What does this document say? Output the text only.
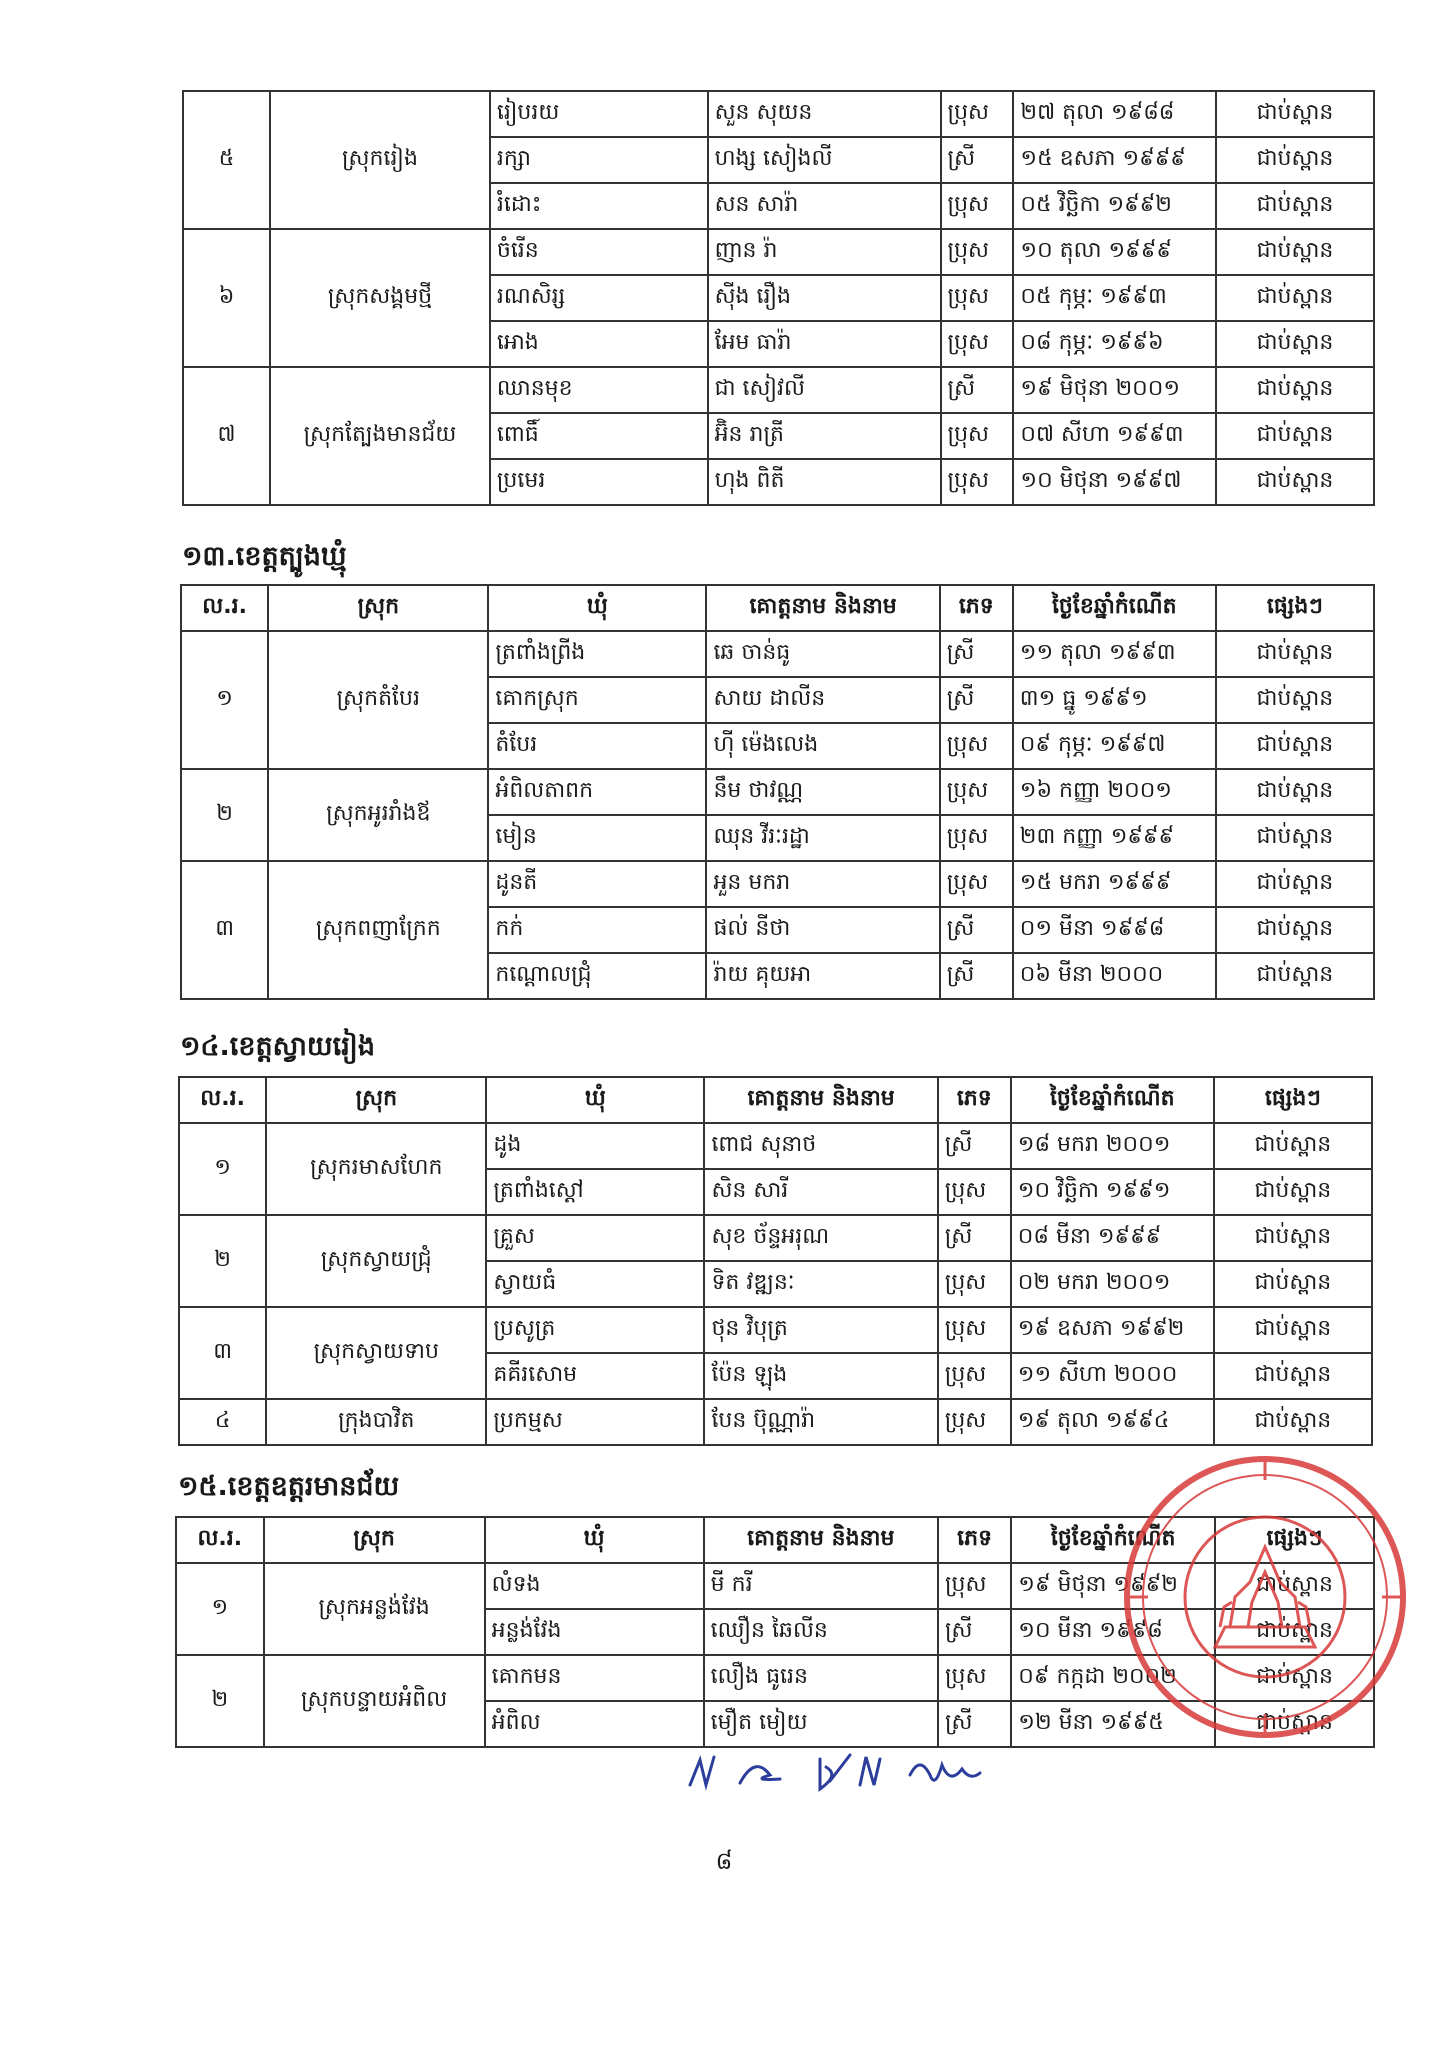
៥	ស្រុករៀង	រៀបរយ	សួន សុយន	ប្រុស	២៧ តុលា ១៩៨៨	ជាប់ស្ពាន
		រក្សា	ហង្ស សៀងលី	ស្រី	១៥ ឧសភា ១៩៩៩	ជាប់ស្ពាន
		រំដោះ	សន សារ៉ា	ប្រុស	០៥ វិច្ឆិកា ១៩៩២	ជាប់ស្ពាន
៦	ស្រុកសង្គមថ្មី	ចំរើន	ញាន រ៉ា	ប្រុស	១០ តុលា ១៩៩៩	ជាប់ស្ពាន
		រណសិរ្ស	ស៊ីង រឿង	ប្រុស	០៥ កុម្ភៈ ១៩៩៣	ជាប់ស្ពាន
		អោង	អែម ធារ៉ា	ប្រុស	០៨ កុម្ភៈ ១៩៩៦	ជាប់ស្ពាន
៧	ស្រុកត្បែងមានជ័យ	ឈានមុខ	ជា សៀវលី	ស្រី	១៩ មិថុនា ២០០១	ជាប់ស្ពាន
		ពោធិ៍	អ៊ិន រាត្រី	ប្រុស	០៧ សីហា ១៩៩៣	ជាប់ស្ពាន
		ប្រមេរ	ហុង ពិតី	ប្រុស	១០ មិថុនា ១៩៩៧	ជាប់ស្ពាន
១៣.ខេត្តត្បូងឃ្មុំ
ល.រ.	ស្រុក	ឃុំ	គោត្តនាម និងនាម	ភេទ	ថ្ងៃខែឆ្នាំកំណើត	ផ្សេងៗ
១	ស្រុកតំបែរ	ត្រពាំងព្រីង	ឆេ ចាន់ធូ	ស្រី	១១ តុលា ១៩៩៣	ជាប់ស្ពាន
		គោកស្រុក	សាយ ដាលីន	ស្រី	៣១ ធ្នូ ១៩៩១	ជាប់ស្ពាន
		តំបែរ	ហ៊ី ម៉េងលេង	ប្រុស	០៩ កុម្ភៈ ១៩៩៧	ជាប់ស្ពាន
២	ស្រុកអូររាំងឪ	អំពិលតាពក	នឹម ថាវណ្ណ	ប្រុស	១៦ កញ្ញា ២០០១	ជាប់ស្ពាន
		មៀន	ឈុន វីរៈរដ្ឋា	ប្រុស	២៣ កញ្ញា ១៩៩៩	ជាប់ស្ពាន
៣	ស្រុកពញាក្រែក	ដូនតី	អួន មករា	ប្រុស	១៥ មករា ១៩៩៩	ជាប់ស្ពាន
		កក់	ផល់ នីថា	ស្រី	០១ មីនា ១៩៩៨	ជាប់ស្ពាន
		កណ្ដោលជ្រុំ	រ៉ាយ គុយអា	ស្រី	០៦ មីនា ២០០០	ជាប់ស្ពាន
១៤.ខេត្តស្វាយរៀង
ល.រ.	ស្រុក	ឃុំ	គោត្តនាម និងនាម	ភេទ	ថ្ងៃខែឆ្នាំកំណើត	ផ្សេងៗ
១	ស្រុករមាសហែក	ដូង	ពោជ សុនាថ	ស្រី	១៨ មករា ២០០១	ជាប់ស្ពាន
		ត្រពាំងស្ដៅ	សិន សារី	ប្រុស	១០ វិច្ឆិកា ១៩៩១	ជាប់ស្ពាន
២	ស្រុកស្វាយជ្រុំ	គ្រួស	សុខ ច័ន្ទអរុណ	ស្រី	០៨ មីនា ១៩៩៩	ជាប់ស្ពាន
		ស្វាយធំ	ទិត វឌ្ឍនៈ	ប្រុស	០២ មករា ២០០១	ជាប់ស្ពាន
៣	ស្រុកស្វាយទាប	ប្រសូត្រ	ថុន វិបុត្រ	ប្រុស	១៩ ឧសភា ១៩៩២	ជាប់ស្ពាន
		គគីរសោម	ប៉ែន ឡុង	ប្រុស	១១ សីហា ២០០០	ជាប់ស្ពាន
៤	ក្រុងបាវិត	ប្រកម្មស	បែន ប៊ុណ្ណារ៉ា	ប្រុស	១៩ តុលា ១៩៩៤	ជាប់ស្ពាន
១៥.ខេត្តឧត្តរមានជ័យ
ល.រ.	ស្រុក	ឃុំ	គោត្តនាម និងនាម	ភេទ	ថ្ងៃខែឆ្នាំកំណើត	ផ្សេងៗ
១	ស្រុកអន្លង់វែង	លំទង	មី ករី	ប្រុស	១៩ មិថុនា ១៩៩២	ជាប់ស្ពាន
		អន្លង់វែង	ឈឿន ឆៃលីន	ស្រី	១០ មីនា ១៩៩៨	ជាប់ស្ពាន
២	ស្រុកបន្ទាយអំពិល	គោកមន	លឿង ធូរេន	ប្រុស	០៩ កក្កដា ២០០២	ជាប់ស្ពាន
		អំពិល	មឿត មៀយ	ស្រី	១២ មីនា ១៩៩៥	ជាប់ស្ពាន
៨
